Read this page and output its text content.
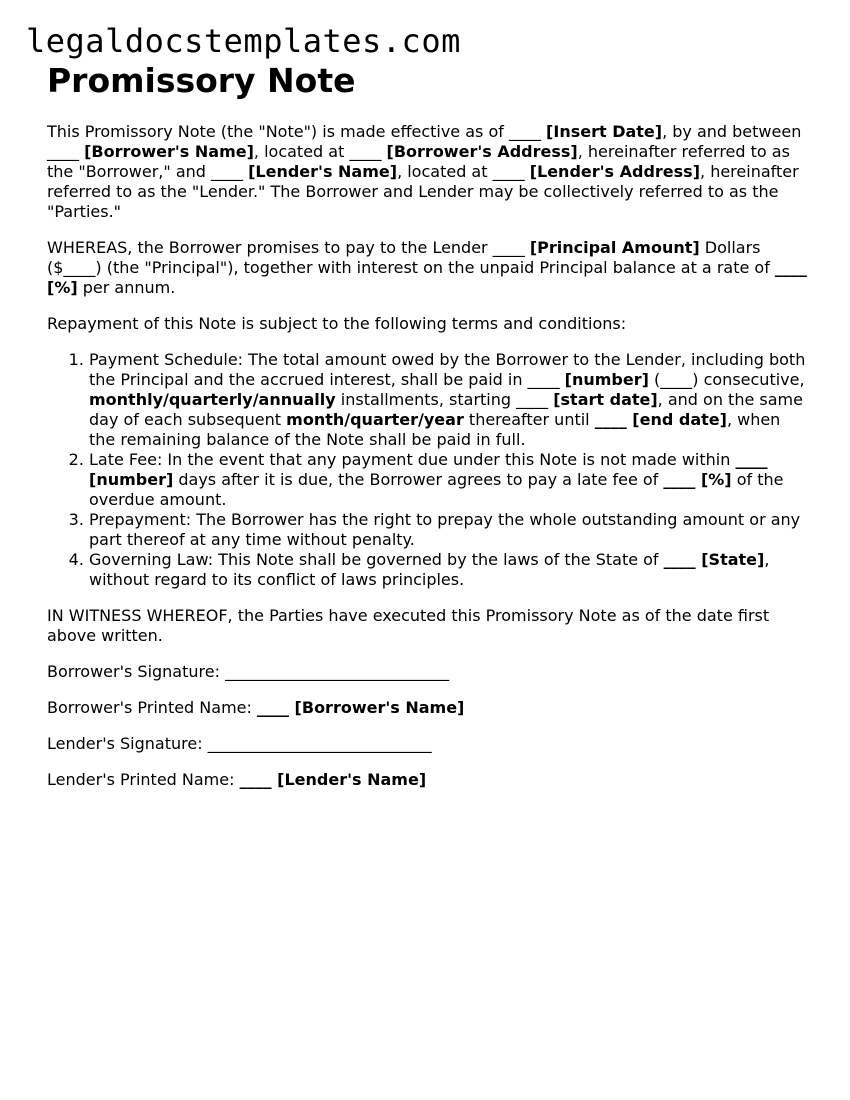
legaldocstemplates.com
Promissory Note

This Promissory Note (the "Note") is made effective as of ____ [Insert Date], by and between ____ [Borrower's Name], located at ____ [Borrower's Address], hereinafter referred to as the "Borrower," and ____ [Lender's Name], located at ____ [Lender's Address], hereinafter referred to as the "Lender." The Borrower and Lender may be collectively referred to as the "Parties."

WHEREAS, the Borrower promises to pay to the Lender ____ [Principal Amount] Dollars ($____) (the "Principal"), together with interest on the unpaid Principal balance at a rate of ____ [%] per annum.

Repayment of this Note is subject to the following terms and conditions:

1. Payment Schedule: The total amount owed by the Borrower to the Lender, including both the Principal and the accrued interest, shall be paid in ____ [number] (____) consecutive, monthly/quarterly/annually installments, starting ____ [start date], and on the same day of each subsequent month/quarter/year thereafter until ____ [end date], when the remaining balance of the Note shall be paid in full.
2. Late Fee: In the event that any payment due under this Note is not made within ____ [number] days after it is due, the Borrower agrees to pay a late fee of ____ [%] of the overdue amount.
3. Prepayment: The Borrower has the right to prepay the whole outstanding amount or any part thereof at any time without penalty.
4. Governing Law: This Note shall be governed by the laws of the State of ____ [State], without regard to its conflict of laws principles.

IN WITNESS WHEREOF, the Parties have executed this Promissory Note as of the date first above written.

Borrower's Signature: ____________________________

Borrower's Printed Name: ____ [Borrower's Name]

Lender's Signature: ____________________________

Lender's Printed Name: ____ [Lender's Name]
